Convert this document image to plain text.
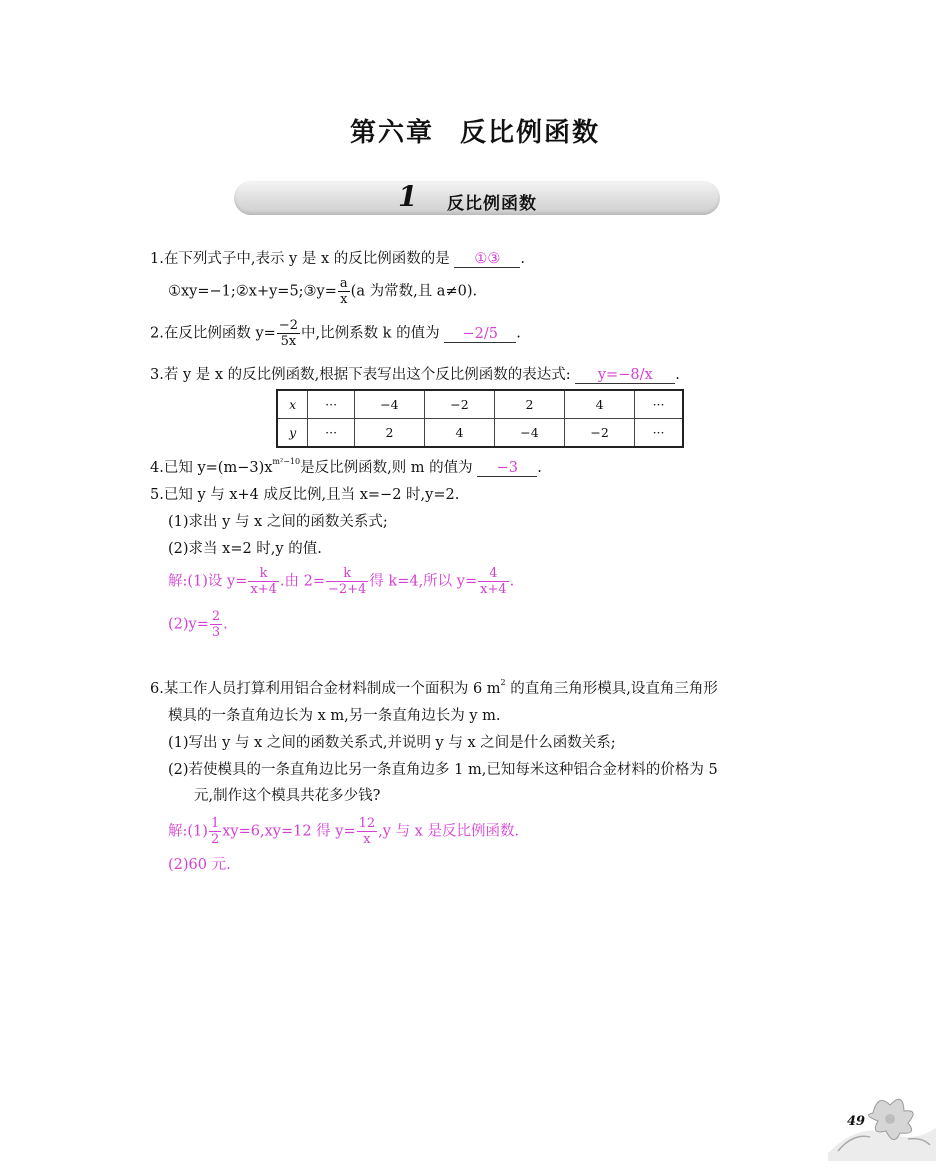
第六章 反比例函数
1 反比例函数
1.在下列式子中,表示 y 是 x 的反比例函数的是 ①③ .
①xy=−1;②x+y=5;③y= $\frac{a}{x} (a$ 为常数,且 a≠0).
2.在反比例函数 $y= \frac{-2}{5x}$ 中,比例系数 k 的值为 −2/5 .
3.若 y 是 x 的反比例函数,根据下表写出这个反比例函数的表达式: y=−8/x .
x	···	−4	−2	2	4	···
y	···	2	4	−4	−2	···
4.已知 $y=(m-3)x^{m^2-10}$是反比例函数,则 m 的值为 −3 .
5.已知 y 与 x+4 成反比例,且当 x=−2 时,y=2.
(1)求出 y 与 x 之间的函数关系式;
(2)求当 x=2 时,y 的值.
解:(1)设 $y= \frac{k}{x+4}$ .由 $2= \frac{k}{-2+4}$ 得 k=4,所以 $y= \frac{4}{x+4}$ .
$(2)y= \frac{2}{3}$ .
6.某工作人员打算利用铝合金材料制成一个面积为 6 $m^2$ 的直角三角形模具,设直角三角形
模具的一条直角边长为 x m,另一条直角边长为 y m.
(1)写出 y 与 x 之间的函数关系式,并说明 y 与 x 之间是什么函数关系;
(2)若使模具的一条直角边比另一条直角边多 1 m,已知每米这种铝合金材料的价格为 5
元,制作这个模具共花多少钱?
解:(1) $\frac{1}{2} xy=6,xy=12$ 得 $y= \frac{12}{x} ,y$ 与 x 是反比例函数.
(2)60 元.
49
